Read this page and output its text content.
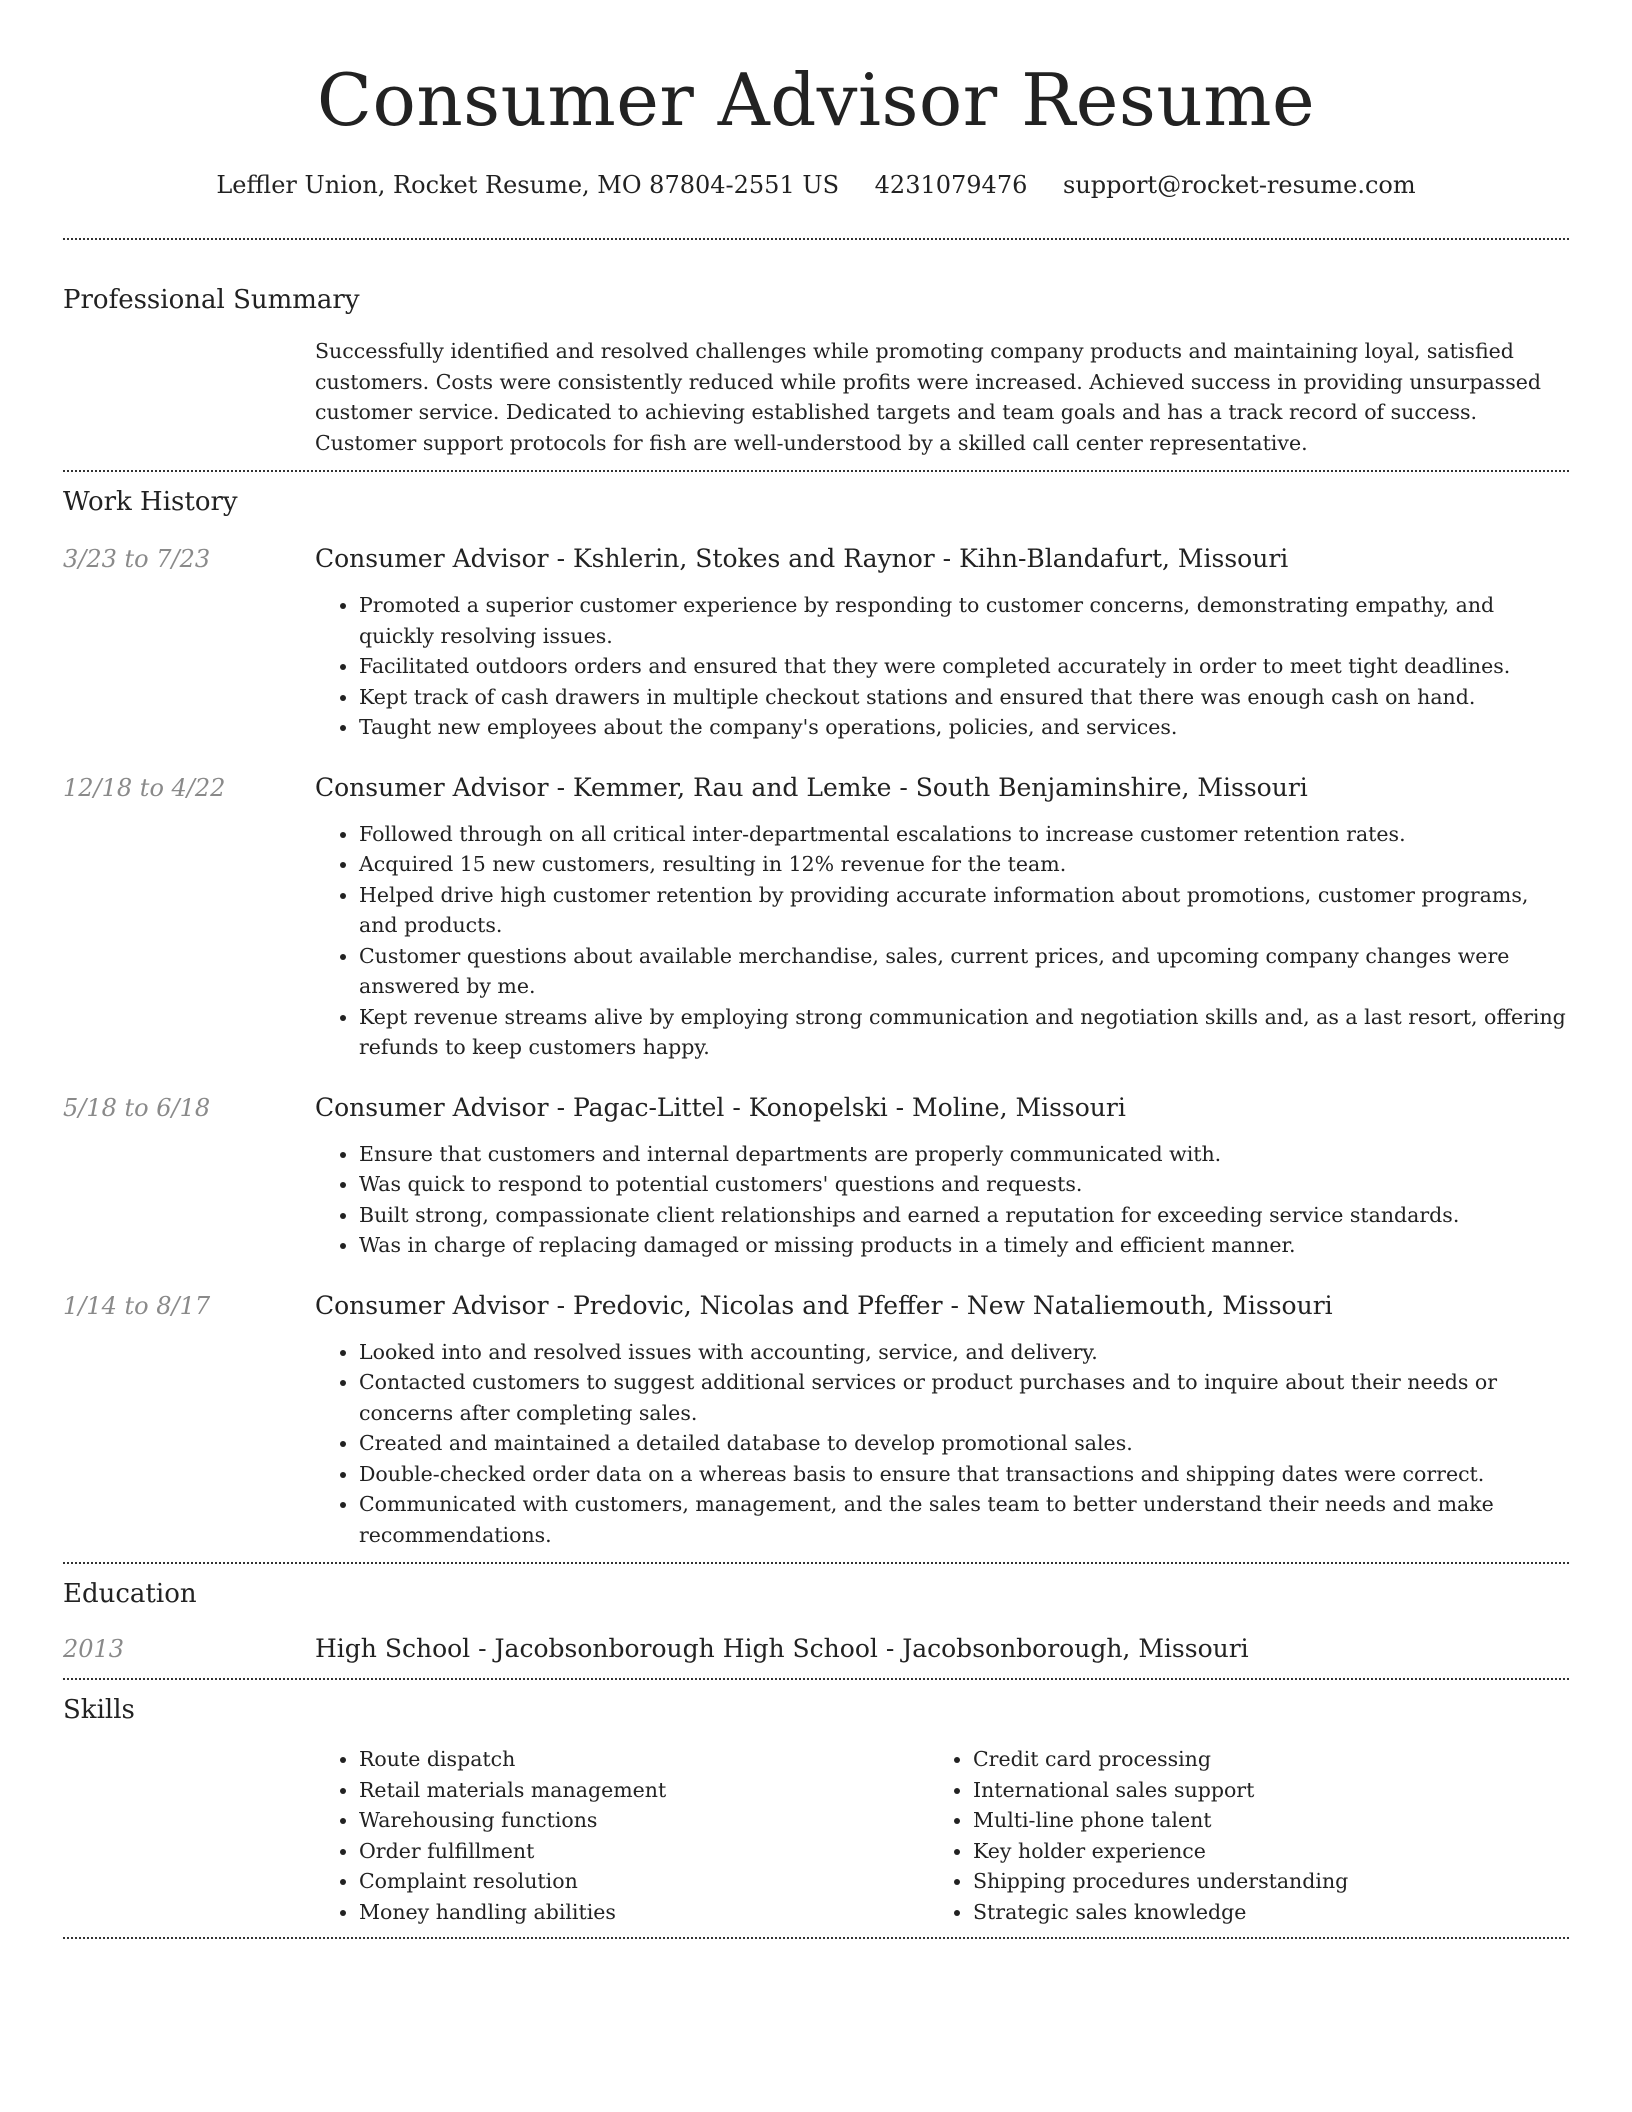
Consumer Advisor Resume
Leffler Union, Rocket Resume, MO 87804-2551 US 4231079476 support@rocket-resume.com
Professional Summary

Successfully identified and resolved challenges while promoting company products and maintaining loyal, satisfied customers. Costs were consistently reduced while profits were increased. Achieved success in providing unsurpassed customer service. Dedicated to achieving established targets and team goals and has a track record of success. Customer support protocols for fish are well-understood by a skilled call center representative.

Work History
3/23 to 7/23	Consumer Advisor - Kshlerin, Stokes and Raynor - Kihn-Blandafurt, Missouri
• Promoted a superior customer experience by responding to customer concerns, demonstrating empathy, and quickly resolving issues.
• Facilitated outdoors orders and ensured that they were completed accurately in order to meet tight deadlines.
• Kept track of cash drawers in multiple checkout stations and ensured that there was enough cash on hand.
• Taught new employees about the company's operations, policies, and services.
12/18 to 4/22	Consumer Advisor - Kemmer, Rau and Lemke - South Benjaminshire, Missouri
• Followed through on all critical inter-departmental escalations to increase customer retention rates.
• Acquired 15 new customers, resulting in 12% revenue for the team.
• Helped drive high customer retention by providing accurate information about promotions, customer programs, and products.
• Customer questions about available merchandise, sales, current prices, and upcoming company changes were answered by me.
• Kept revenue streams alive by employing strong communication and negotiation skills and, as a last resort, offering refunds to keep customers happy.
5/18 to 6/18	Consumer Advisor - Pagac-Littel - Konopelski - Moline, Missouri
• Ensure that customers and internal departments are properly communicated with.
• Was quick to respond to potential customers' questions and requests.
• Built strong, compassionate client relationships and earned a reputation for exceeding service standards.
• Was in charge of replacing damaged or missing products in a timely and efficient manner.
1/14 to 8/17	Consumer Advisor - Predovic, Nicolas and Pfeffer - New Nataliemouth, Missouri
• Looked into and resolved issues with accounting, service, and delivery.
• Contacted customers to suggest additional services or product purchases and to inquire about their needs or concerns after completing sales.
• Created and maintained a detailed database to develop promotional sales.
• Double-checked order data on a whereas basis to ensure that transactions and shipping dates were correct.
• Communicated with customers, management, and the sales team to better understand their needs and make recommendations.
Education
2013	High School - Jacobsonborough High School - Jacobsonborough, Missouri
Skills
• Route dispatch
• Retail materials management
• Warehousing functions
• Order fulfillment
• Complaint resolution
• Money handling abilities
• Credit card processing
• International sales support
• Multi-line phone talent
• Key holder experience
• Shipping procedures understanding
• Strategic sales knowledge
